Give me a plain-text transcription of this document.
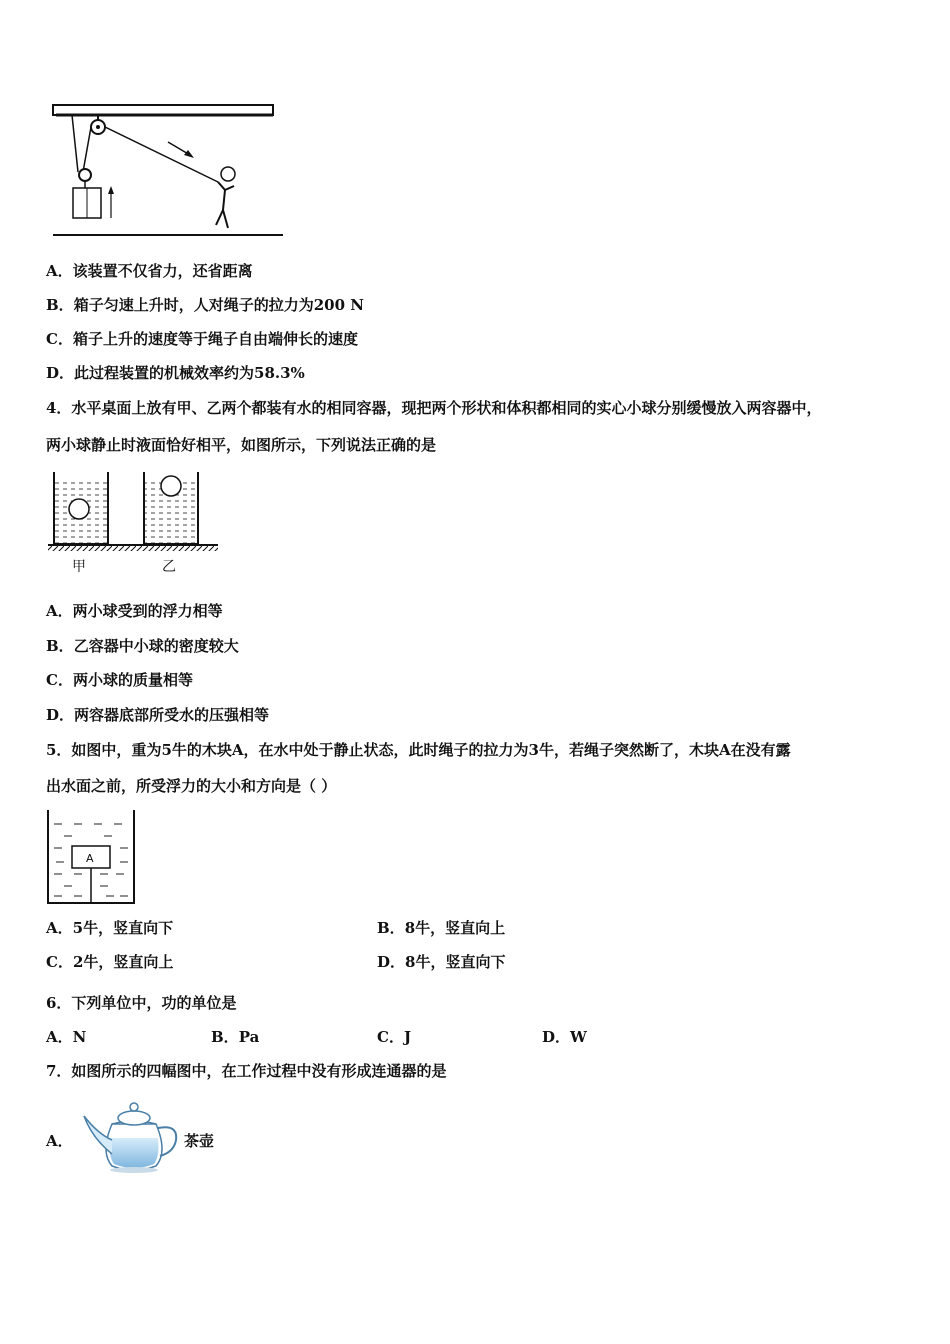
A．该装置不仅省力，还省距离
B．箱子匀速上升时，人对绳子的拉力为200 N
C．箱子上升的速度等于绳子自由端伸长的速度
D．此过程装置的机械效率约为58.3%
4．水平桌面上放有甲、乙两个都装有水的相同容器，现把两个形状和体积都相同的实心小球分别缓慢放入两容器中，
两小球静止时液面恰好相平，如图所示，下列说法正确的是
甲	乙
A．两小球受到的浮力相等
B．乙容器中小球的密度较大
C．两小球的质量相等
D．两容器底部所受水的压强相等
5．如图中，重为5牛的木块A，在水中处于静止状态，此时绳子的拉力为3牛，若绳子突然断了，木块A在没有露
出水面之前，所受浮力的大小和方向是（ ）
A
A．5牛，竖直向下	B．8牛，竖直向上
C．2牛，竖直向上	D．8牛，竖直向下
6．下列单位中，功的单位是
A．N	B．Pa	C．J	D．W
7．如图所示的四幅图中，在工作过程中没有形成连通器的是
A．	茶壶
